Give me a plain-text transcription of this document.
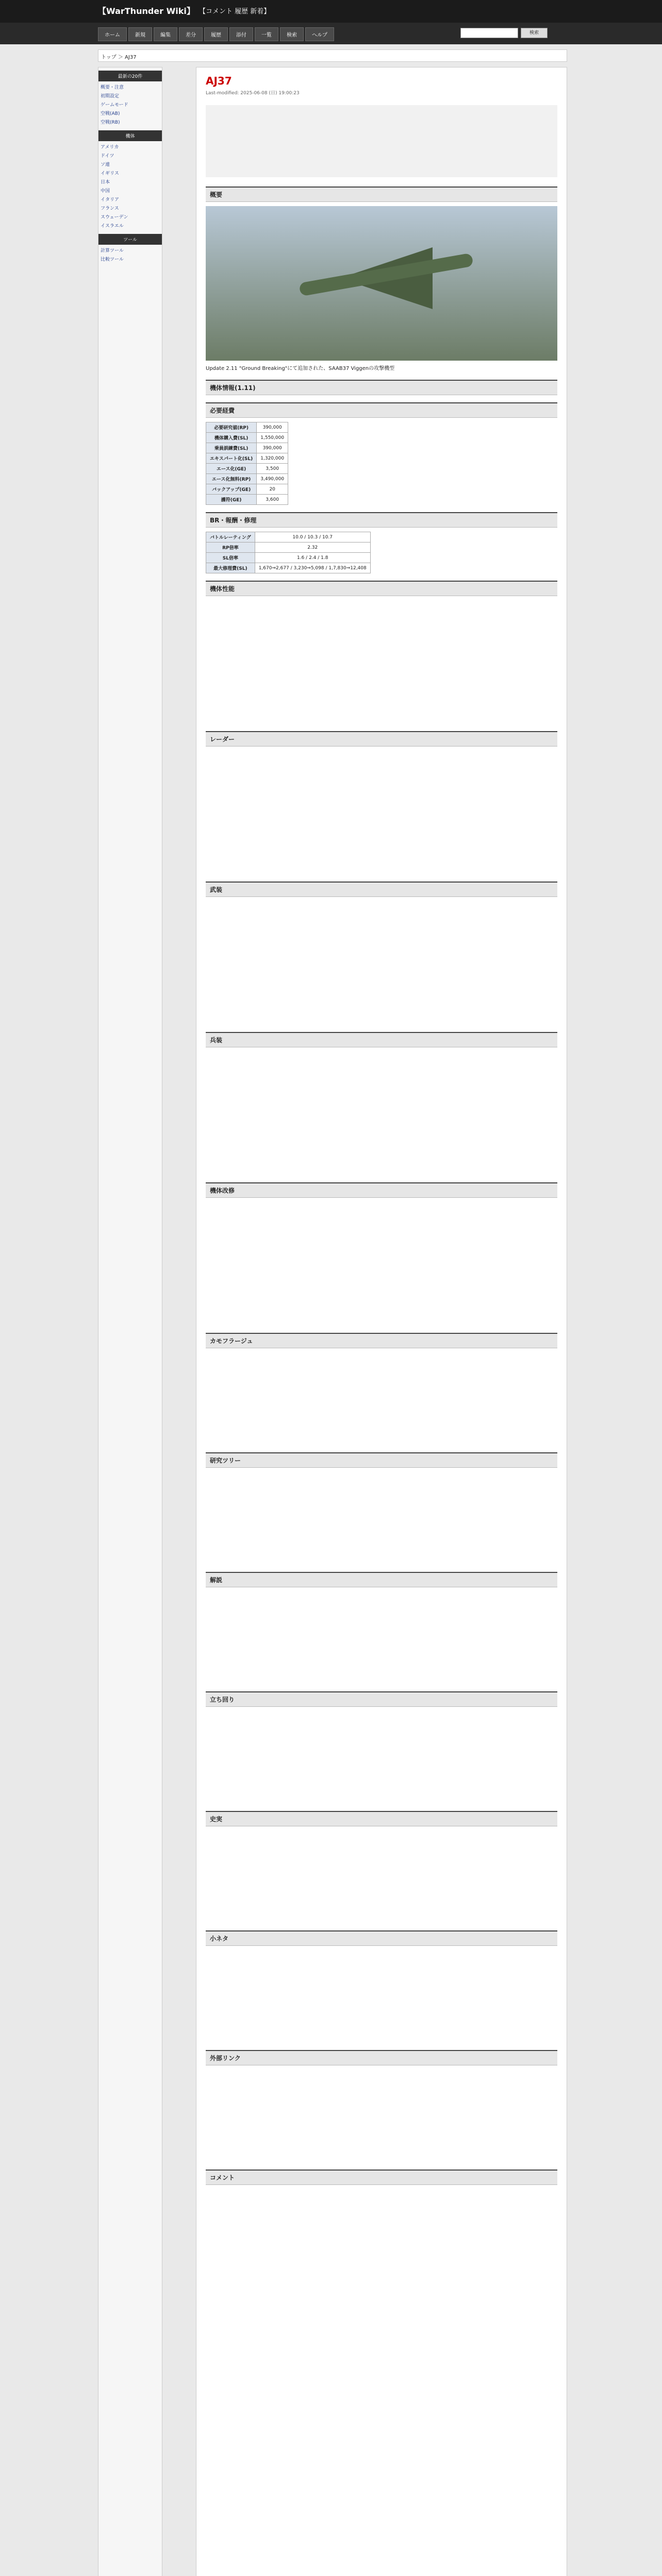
【WarThunder Wiki】 【コメント 履歴 新着】
ホーム	新規	編集	差分	履歴	添付	一覧	検索	ヘルプ	検索
トップ ＞ AJ37
最新の20件
概要・注意
初期設定
ゲームモード
空戦(AB)
空戦(RB)
機体
アメリカ
ドイツ
ソ連
イギリス
日本
中国
イタリア
フランス
スウェーデン
イスラエル
ツール
計算ツール
比較ツール
AJ37
Last-modified: 2025-06-08 (日) 19:00:23
概要
Update 2.11 "Ground Breaking"にて追加された、SAAB37 Viggenの攻撃機型
機体情報(1.11)
必要経費
必要研究値(RP)	390,000
機体購入費(SL)	1,550,000
乗員訓練費(SL)	390,000
エキスパート化(SL)	1,320,000
エース化(GE)	3,500
エース化無料(RP)	3,490,000
バックアップ(GE)	20
護符(GE)	3,600
BR・報酬・修理
バトルレーティング	10.0 / 10.3 / 10.7
RP倍率	2.32
SL倍率	1.6 / 2.4 / 1.8
最大修理費(SL)	1,670⇒2,677 / 3,230⇒5,098 / 1,7,830⇒12,408
機体性能
レーダー
武装
兵装
機体改修
カモフラージュ
研究ツリー
解説
立ち回り
史実
小ネタ
外部リンク
コメント
